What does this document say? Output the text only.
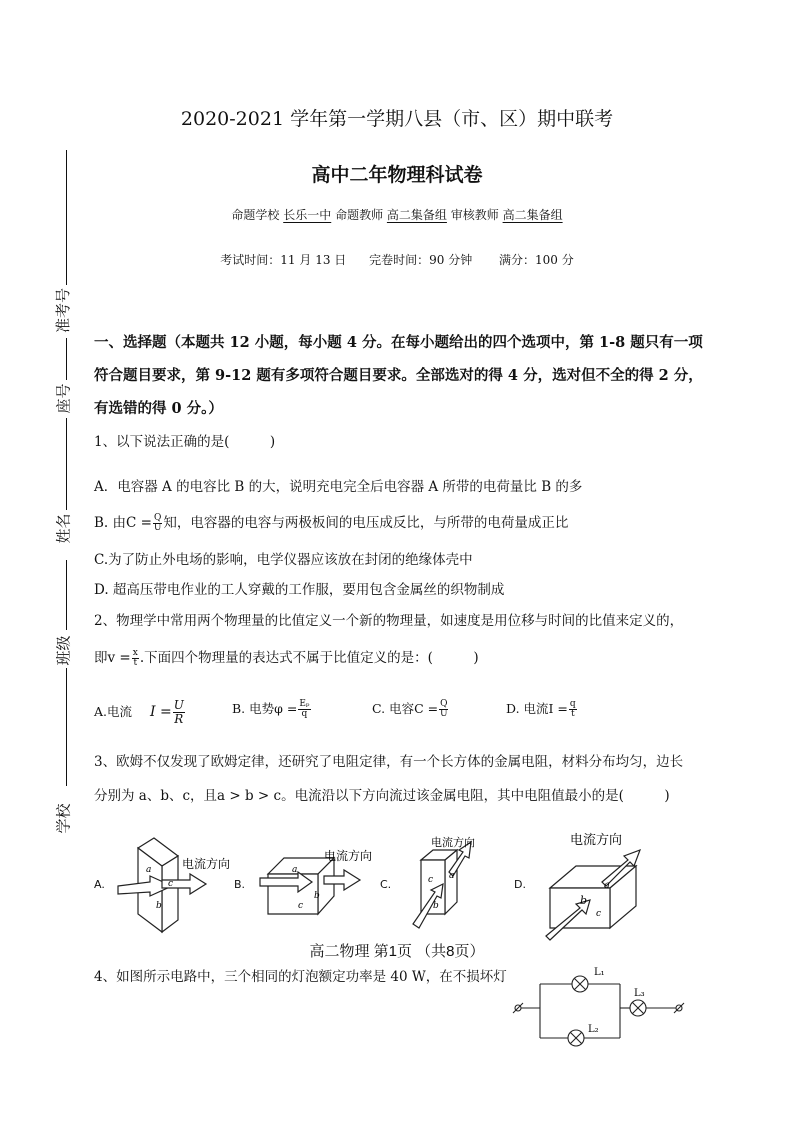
准考号
座号
姓名
班级
学校
2020-2021 学年第一学期八县（市、区）期中联考
高中二年物理科试卷
命题学校 长乐一中 命题教师 高二集备组 审核教师 高二集备组
考试时间：11 月 13 日 完卷时间：90 分钟 满分：100 分
一、选择题（本题共 12 小题，每小题 4 分。在每小题给出的四个选项中，第 1-8 题只有一项符合题目要求，第 9-12 题有多项符合题目要求。全部选对的得 4 分，选对但不全的得 2 分，有选错的得 0 分。）
1、以下说法正确的是(　　　)
A．电容器 A 的电容比 B 的大，说明充电完全后电容器 A 所带的电荷量比 B 的多
B. 由$C = \frac{Q}{U}$ 知，电容器的电容与两极板间的电压成反比，与所带的电荷量成正比
C.为了防止外电场的影响，电学仪器应该放在封闭的绝缘体壳中
D. 超高压带电作业的工人穿戴的工作服，要用包含金属丝的织物制成
2、物理学中常用两个物理量的比值定义一个新的物理量，如速度是用位移与时间的比值来定义的，
即$v = \frac{x}{t}$ .下面四个物理量的表达式不属于比值定义的是：(　　　)
A.电流 $I = \frac{U}{R}$	B. 电势$\varphi = \frac{\text{Eₚ}}{q}$	C. 电容$C = \frac{Q}{U}$	D. 电流$I = \frac{q}{t}$
3、欧姆不仅发现了欧姆定律，还研究了电阻定律，有一个长方体的金属电阻，材料分布均匀，边长
分别为 a、b、c，且a > b > c。电流沿以下方向流过该金属电阻，其中电阻值最小的是(　　　)
A.	B.	C.	D.
电流方向
a
c
b
电流方向
a
b
c
电流方向
c a
b
电流方向
a
b
c
高二物理 第1页 （共8页）
4、如图所示电路中，三个相同的灯泡额定功率是 40 W，在不损坏灯	L₁
L₂
L₃
